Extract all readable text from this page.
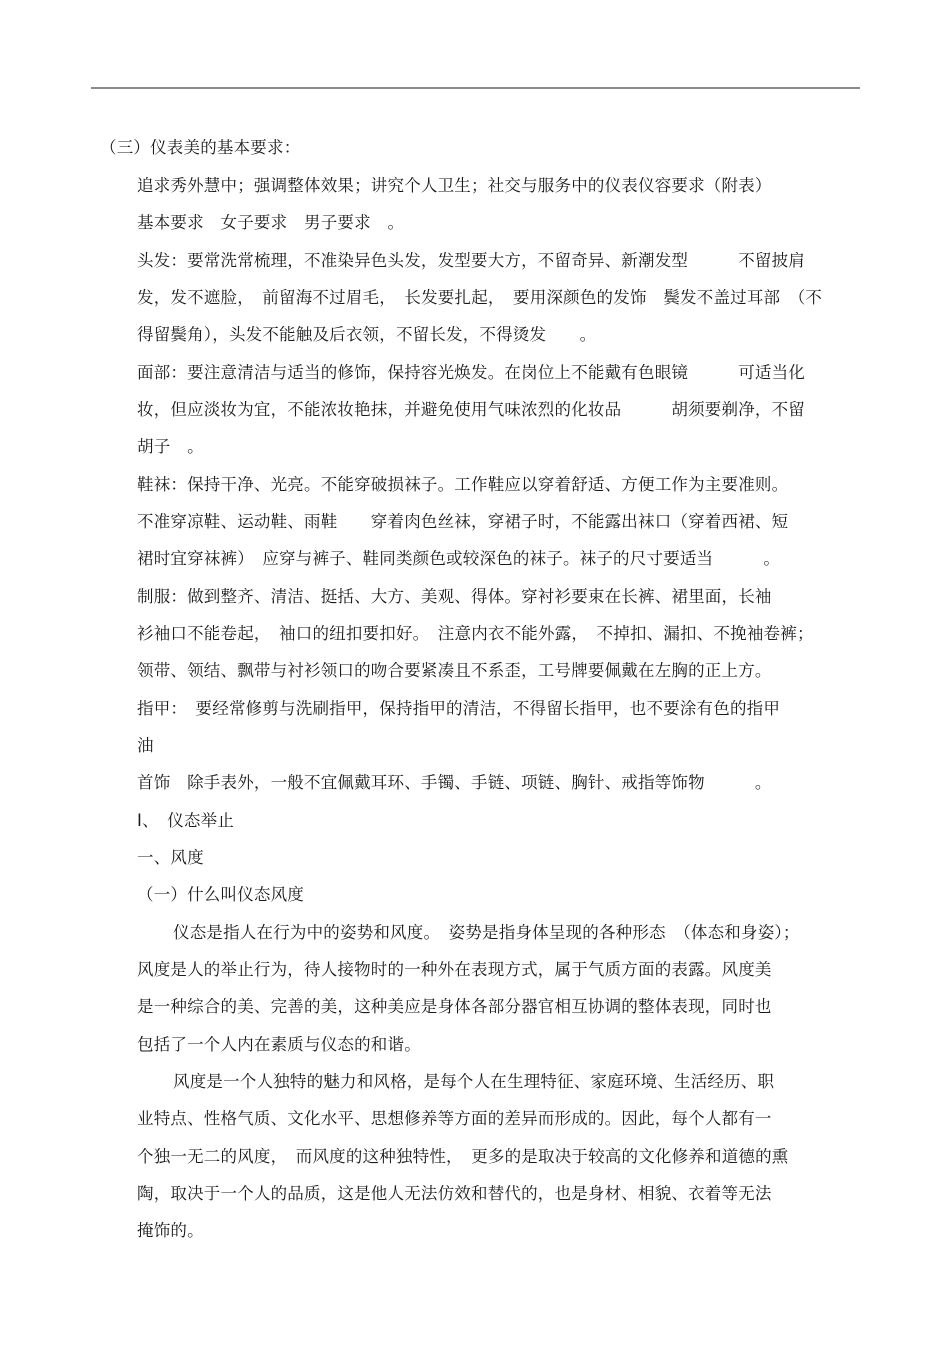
（三）仪表美的基本要求：
追求秀外慧中；强调整体效果；讲究个人卫生；社交与服务中的仪表仪容要求（附表）
基本要求　女子要求　男子要求　。
头发：要常洗常梳理，不准染异色头发，发型要大方，不留奇异、新潮发型　　　不留披肩
发，发不遮脸，　前留海不过眉毛，　长发要扎起，　要用深颜色的发饰　鬓发不盖过耳部　（不
得留鬓角），头发不能触及后衣领，不留长发，不得烫发　　。
面部：要注意清洁与适当的修饰，保持容光焕发。在岗位上不能戴有色眼镜　　　可适当化
妆，但应淡妆为宜，不能浓妆艳抹，并避免使用气味浓烈的化妆品　　　胡须要剃净，不留
胡子　。
鞋袜：保持干净、光亮。不能穿破损袜子。工作鞋应以穿着舒适、方便工作为主要准则。
不准穿凉鞋、运动鞋、雨鞋　　穿着肉色丝袜，穿裙子时，不能露出袜口（穿着西裙、短
裙时宜穿袜裤）　应穿与裤子、鞋同类颜色或较深色的袜子。袜子的尺寸要适当　　　。
制服：做到整齐、清洁、挺括、大方、美观、得体。穿衬衫要束在长裤、裙里面，长袖
衫袖口不能卷起，　袖口的纽扣要扣好。　注意内衣不能外露，　不掉扣、漏扣、不挽袖卷裤；
领带、领结、飘带与衬衫领口的吻合要紧凑且不系歪，工号牌要佩戴在左胸的正上方。
指甲：　要经常修剪与洗刷指甲，保持指甲的清洁，不得留长指甲，也不要涂有色的指甲
油
首饰　除手表外，一般不宜佩戴耳环、手镯、手链、项链、胸针、戒指等饰物　　　。
I、　仪态举止
一、风度
（一）什么叫仪态风度
仪态是指人在行为中的姿势和风度。　姿势是指身体呈现的各种形态　（体态和身姿）；
风度是人的举止行为，待人接物时的一种外在表现方式，属于气质方面的表露。风度美
是一种综合的美、完善的美，这种美应是身体各部分器官相互协调的整体表现，同时也
包括了一个人内在素质与仪态的和谐。
风度是一个人独特的魅力和风格，是每个人在生理特征、家庭环境、生活经历、职
业特点、性格气质、文化水平、思想修养等方面的差异而形成的。因此，每个人都有一
个独一无二的风度，　而风度的这种独特性，　更多的是取决于较高的文化修养和道德的熏
陶，取决于一个人的品质，这是他人无法仿效和替代的，也是身材、相貌、衣着等无法
掩饰的。
